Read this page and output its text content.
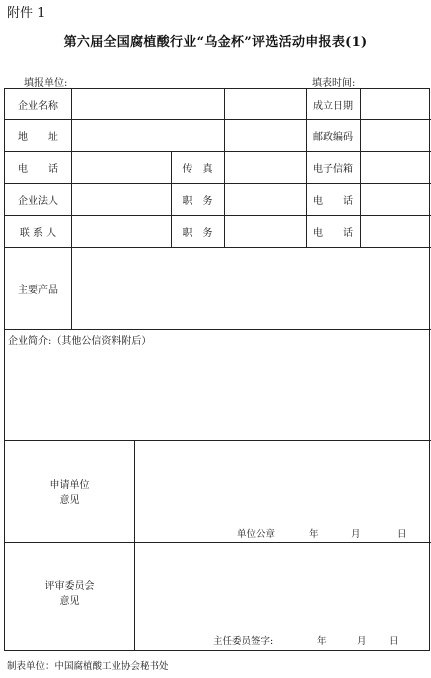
附件 1
第六届全国腐植酸行业“乌金杯”评选活动申报表(1)
填报单位:	填表时间:
企业名称	成立日期
地　　址	邮政编码
电　　话	传　真	电子信箱
企业法人	职　务	电　　话
联 系 人	职　务	电　　话
主要产品
企业简介:（其他公信资料附后）
申请单位
意见
单位公章	年	月	日
评审委员会
意见
主任委员签字:	年	月 日
制表单位：中国腐植酸工业协会秘书处
